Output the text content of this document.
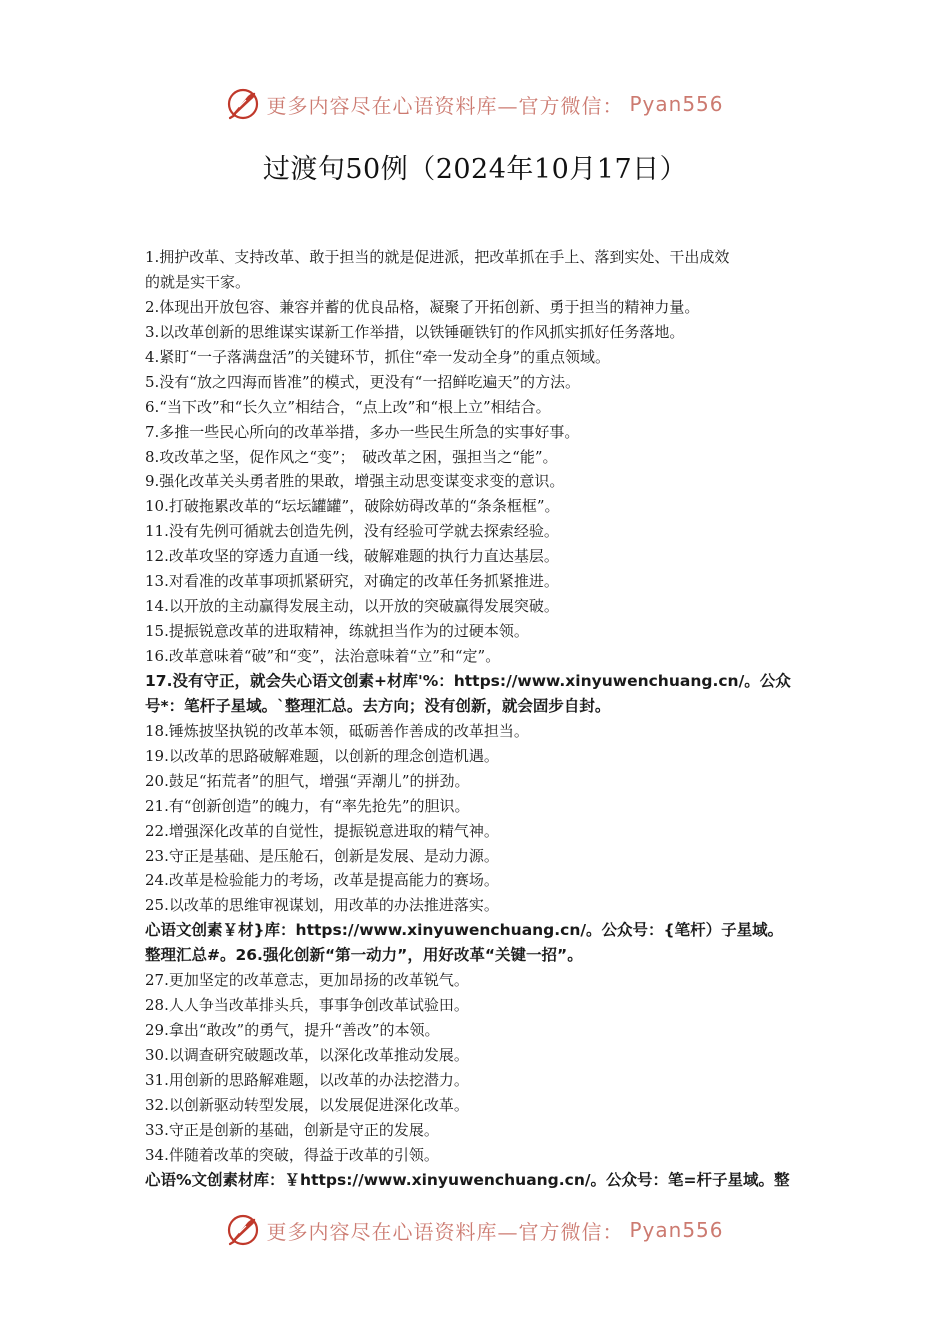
更多内容尽在心语资料库—官方微信： Pyan556
过渡句50例（2024年10月17日）
1.拥护改革、支持改革、敢于担当的就是促进派，把改革抓在手上、落到实处、干出成效
的就是实干家。
2.体现出开放包容、兼容并蓄的优良品格，凝聚了开拓创新、勇于担当的精神力量。
3.以改革创新的思维谋实谋新工作举措，以铁锤砸铁钉的作风抓实抓好任务落地。
4.紧盯“一子落满盘活”的关键环节，抓住“牵一发动全身”的重点领域。
5.没有“放之四海而皆准”的模式，更没有“一招鲜吃遍天”的方法。
6.“当下改”和“长久立”相结合，“点上改”和“根上立”相结合。
7.多推一些民心所向的改革举措，多办一些民生所急的实事好事。
8.攻改革之坚，促作风之“变”；　破改革之困，强担当之“能”。
9.强化改革关头勇者胜的果敢，增强主动思变谋变求变的意识。
10.打破拖累改革的“坛坛罐罐”，破除妨碍改革的“条条框框”。
11.没有先例可循就去创造先例，没有经验可学就去探索经验。
12.改革攻坚的穿透力直通一线，破解难题的执行力直达基层。
13.对看准的改革事项抓紧研究，对确定的改革任务抓紧推进。
14.以开放的主动赢得发展主动，以开放的突破赢得发展突破。
15.提振锐意改革的进取精神，练就担当作为的过硬本领。
16.改革意味着“破”和“变”，法治意味着“立”和“定”。
17.没有守正，就会失心语文创素+材库'%：https://www.xinyuwenchuang.cn/。公众
号*：笔杆子星域。`整理汇总。去方向；没有创新，就会固步自封。
18.锤炼披坚执锐的改革本领，砥砺善作善成的改革担当。
19.以改革的思路破解难题，以创新的理念创造机遇。
20.鼓足“拓荒者”的胆气，增强“弄潮儿”的拼劲。
21.有“创新创造”的魄力，有“率先抢先”的胆识。
22.增强深化改革的自觉性，提振锐意进取的精气神。
23.守正是基础、是压舱石，创新是发展、是动力源。
24.改革是检验能力的考场，改革是提高能力的赛场。
25.以改革的思维审视谋划，用改革的办法推进落实。
心语文创素￥材}库：https://www.xinyuwenchuang.cn/。公众号：{笔杆）子星域。
整理汇总#。26.强化创新“第一动力”，用好改革“关键一招”。
27.更加坚定的改革意志，更加昂扬的改革锐气。
28.人人争当改革排头兵，事事争创改革试验田。
29.拿出“敢改”的勇气，提升“善改”的本领。
30.以调查研究破题改革，以深化改革推动发展。
31.用创新的思路解难题，以改革的办法挖潜力。
32.以创新驱动转型发展，以发展促进深化改革。
33.守正是创新的基础，创新是守正的发展。
34.伴随着改革的突破，得益于改革的引领。
心语%文创素材库：￥https://www.xinyuwenchuang.cn/。公众号：笔=杆子星域。整
更多内容尽在心语资料库—官方微信： Pyan556
